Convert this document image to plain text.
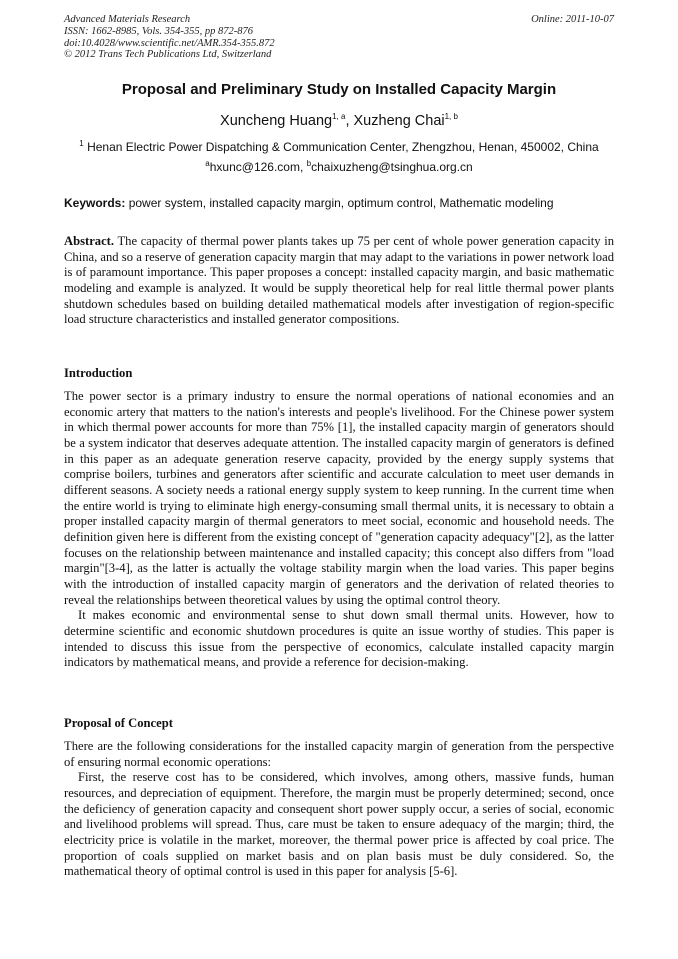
Advanced Materials Research
ISSN: 1662-8985, Vols. 354-355, pp 872-876
doi:10.4028/www.scientific.net/AMR.354-355.872
© 2012 Trans Tech Publications Ltd, Switzerland
Online: 2011-10-07
Proposal and Preliminary Study on Installed Capacity Margin
Xuncheng Huang$^{1, a}$, Xuzheng Chai$^{1, b}$
$^1$ Henan Electric Power Dispatching & Communication Center, Zhengzhou, Henan, 450002, China
$^a$hxunc@126.com, $^b$chaixuzheng@tsinghua.org.cn
Keywords: power system, installed capacity margin, optimum control, Mathematic modeling

Abstract. The capacity of thermal power plants takes up 75 per cent of whole power generation capacity in China, and so a reserve of generation capacity margin that may adapt to the variations in power network load is of paramount importance. This paper proposes a concept: installed capacity margin, and basic mathematic modeling and example is analyzed. It would be supply theoretical help for real little thermal power plants shutdown schedules based on building detailed mathematical models after investigation of region-specific load structure characteristics and installed generator compositions.

Introduction

The power sector is a primary industry to ensure the normal operations of national economies and an economic artery that matters to the nation's interests and people's livelihood. For the Chinese power system in which thermal power accounts for more than 75% [1], the installed capacity margin of generators should be a system indicator that deserves adequate attention. The installed capacity margin of generators is defined in this paper as an adequate generation reserve capacity, provided by the energy supply systems that comprise boilers, turbines and generators after scientific and accurate calculation to meet user demands in different seasons. A society needs a rational energy supply system to keep running. In the current time when the entire world is trying to eliminate high energy-consuming small thermal units, it is necessary to obtain a proper installed capacity margin of thermal generators to meet social, economic and household needs. The definition given here is different from the existing concept of "generation capacity adequacy"[2], as the latter focuses on the relationship between maintenance and installed capacity; this concept also differs from "load margin"[3-4], as the latter is actually the voltage stability margin when the load varies. This paper begins with the introduction of installed capacity margin of generators and the derivation of related theories to reveal the relationships between theoretical values by using the optimal control theory.

It makes economic and environmental sense to shut down small thermal units. However, how to determine scientific and economic shutdown procedures is quite an issue worthy of studies. This paper is intended to discuss this issue from the perspective of economics, calculate installed capacity margin indicators by mathematical means, and provide a reference for decision-making.

Proposal of Concept

There are the following considerations for the installed capacity margin of generation from the perspective of ensuring normal economic operations:

First, the reserve cost has to be considered, which involves, among others, massive funds, human resources, and depreciation of equipment. Therefore, the margin must be properly determined; second, once the deficiency of generation capacity and consequent short power supply occur, a series of social, economic and livelihood problems will spread. Thus, care must be taken to ensure adequacy of the margin; third, the electricity price is volatile in the market, moreover, the thermal power price is affected by coal price. The proportion of coals supplied on market basis and on plan basis must be duly considered. So, the mathematical theory of optimal control is used in this paper for analysis [5-6].
